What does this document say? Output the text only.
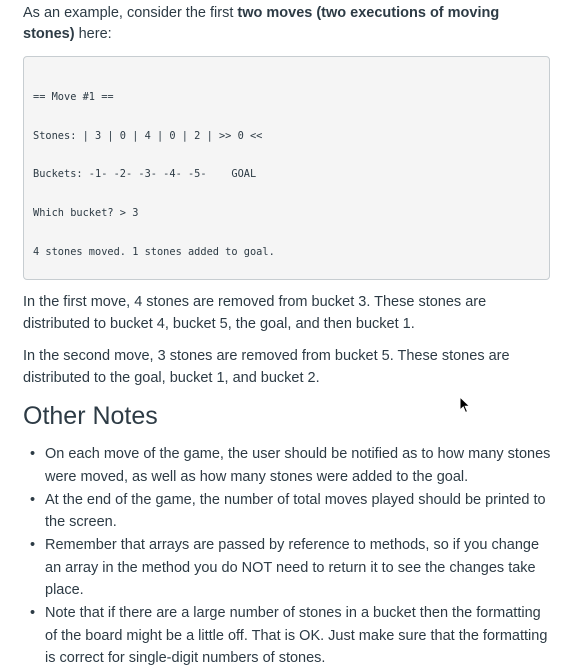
As an example, consider the first two moves (two executions of moving stones) here:

== Move #1 ==

Stones: | 3 | 0 | 4 | 0 | 2 | >> 0 <<

Buckets: -1- -2- -3- -4- -5-    GOAL

Which bucket? > 3

4 stones moved. 1 stones added to goal.

In the first move, 4 stones are removed from bucket 3. These stones are distributed to bucket 4, bucket 5, the goal, and then bucket 1.

In the second move, 3 stones are removed from bucket 5. These stones are distributed to the goal, bucket 1, and bucket 2.

Other Notes
• On each move of the game, the user should be notified as to how many stones were moved, as well as how many stones were added to the goal.
• At the end of the game, the number of total moves played should be printed to the screen.
• Remember that arrays are passed by reference to methods, so if you change an array in the method you do NOT need to return it to see the changes take place.
• Note that if there are a large number of stones in a bucket then the formatting of the board might be a little off. That is OK. Just make sure that the formatting is correct for single-digit numbers of stones.
